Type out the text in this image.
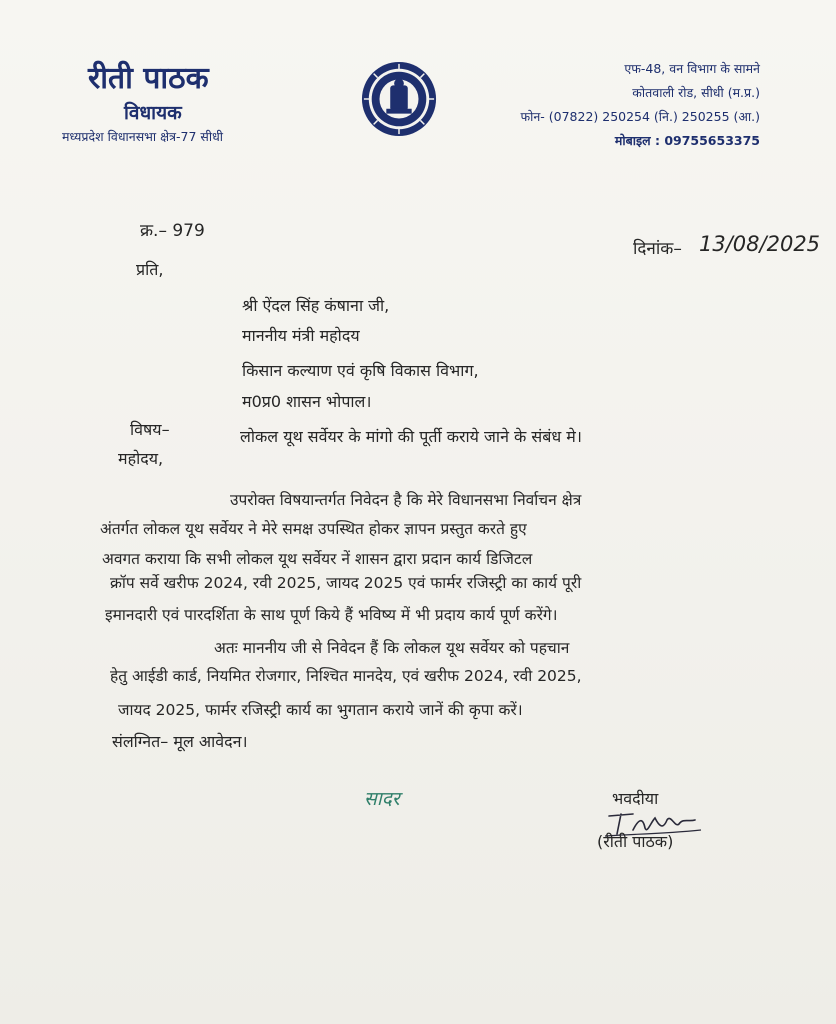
रीती पाठक
विधायक
मध्यप्रदेश विधानसभा क्षेत्र-77 सीधी
एफ-48, वन विभाग के सामने
कोतवाली रोड, सीधी (म.प्र.)
फोन- (07822) 250254 (नि.) 250255 (आ.)
मोबाइल : 09755653375
क्र.– 979
दिनांक– 13/08/2025
प्रति,
श्री ऐंदल सिंह कंषाना जी,
माननीय मंत्री महोदय
किसान कल्याण एवं कृषि विकास विभाग,
म0प्र0 शासन भोपाल।
विषय–	लोकल यूथ सर्वेयर के मांगो की पूर्ती कराये जाने के संबंध मे।
महोदय,
उपरोक्त विषयान्तर्गत निवेदन है कि मेरे विधानसभा निर्वाचन क्षेत्र
अंतर्गत लोकल यूथ सर्वेयर ने मेरे समक्ष उपस्थित होकर ज्ञापन प्रस्तुत करते हुए
अवगत कराया कि सभी लोकल यूथ सर्वेयर नें शासन द्वारा प्रदान कार्य डिजिटल
क्रॉप सर्वे खरीफ 2024, रवी 2025, जायद 2025 एवं फार्मर रजिस्ट्री का कार्य पूरी
इमानदारी एवं पारदर्शिता के साथ पूर्ण किये हैं भविष्य में भी प्रदाय कार्य पूर्ण करेंगे।
अतः माननीय जी से निवेदन हैं कि लोकल यूथ सर्वेयर को पहचान
हेतु आईडी कार्ड, नियमित रोजगार, निश्चित मानदेय, एवं खरीफ 2024, रवी 2025,
जायद 2025, फार्मर रजिस्ट्री कार्य का भुगतान कराये जानें की कृपा करें।
संलग्नित– मूल आवेदन।
सादर	भवदीया
(रीती पाठक)
